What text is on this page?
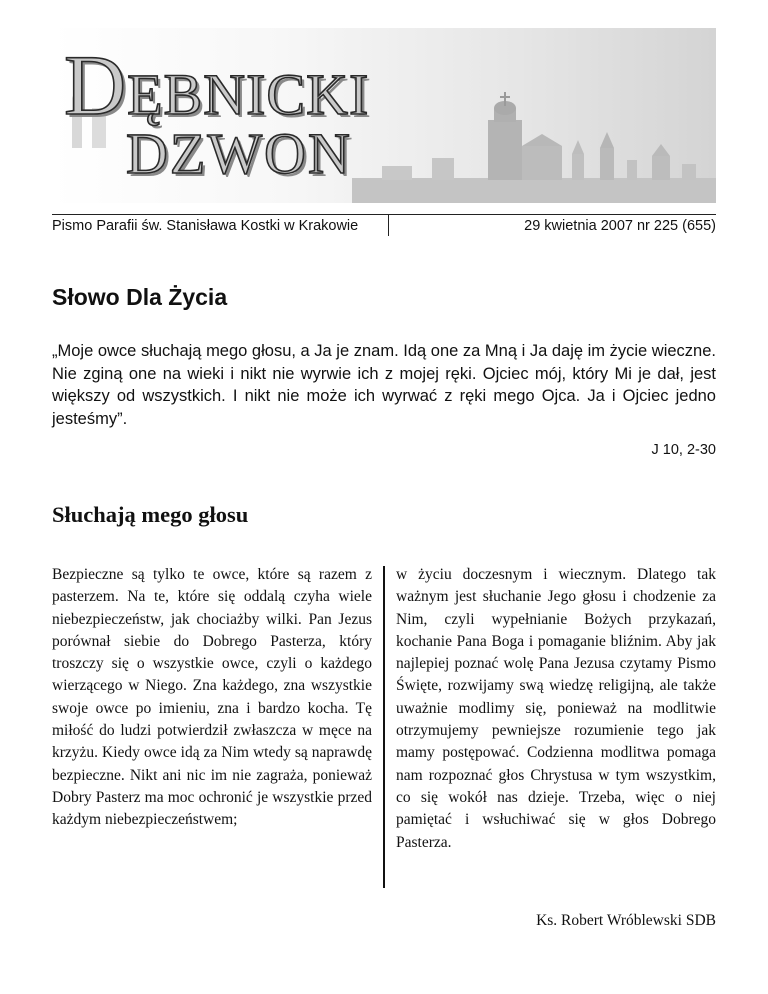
DĘBNICKI
DZWON
Pismo Parafii św. Stanisława Kostki w Krakowie	29 kwietnia 2007 nr 225 (655)
Słowo Dla Życia

„Moje owce słuchają mego głosu, a Ja je znam. Idą one za Mną i Ja daję im życie wieczne. Nie zginą one na wieki i nikt nie wyrwie ich z mojej ręki. Ojciec mój, który Mi je dał, jest większy od wszystkich. I nikt nie może ich wyrwać z ręki mego Ojca. Ja i Ojciec jedno jesteśmy”.

J 10, 2-30
Słuchają mego głosu

Bezpieczne są tylko te owce, które są razem z pasterzem. Na te, które się oddalą czyha wiele niebezpieczeństw, jak chociażby wilki. Pan Jezus porównał siebie do Dobrego Pasterza, który troszczy się o wszystkie owce, czyli o każdego wierzącego w Niego. Zna każdego, zna wszystkie swoje owce po imieniu, zna i bardzo kocha. Tę miłość do ludzi potwierdził zwłaszcza w męce na krzyżu. Kiedy owce idą za Nim wtedy są naprawdę bezpieczne. Nikt ani nic im nie zagraża, ponieważ Dobry Pasterz ma moc ochronić je wszystkie przed każdym niebezpieczeństwem;

w życiu doczesnym i wiecznym. Dlatego tak ważnym jest słuchanie Jego głosu i chodzenie za Nim, czyli wypełnianie Bożych przykazań, kochanie Pana Boga i pomaganie bliźnim. Aby jak najlepiej poznać wolę Pana Jezusa czytamy Pismo Święte, rozwijamy swą wiedzę religijną, ale także uważnie modlimy się, ponieważ na modlitwie otrzymujemy pewniejsze rozumienie tego jak mamy postępować. Codzienna modlitwa pomaga nam rozpoznać głos Chrystusa w tym wszystkim, co się wokół nas dzieje. Trzeba, więc o niej pamiętać i wsłuchiwać się w głos Dobrego Pasterza.

Ks. Robert Wróblewski SDB
